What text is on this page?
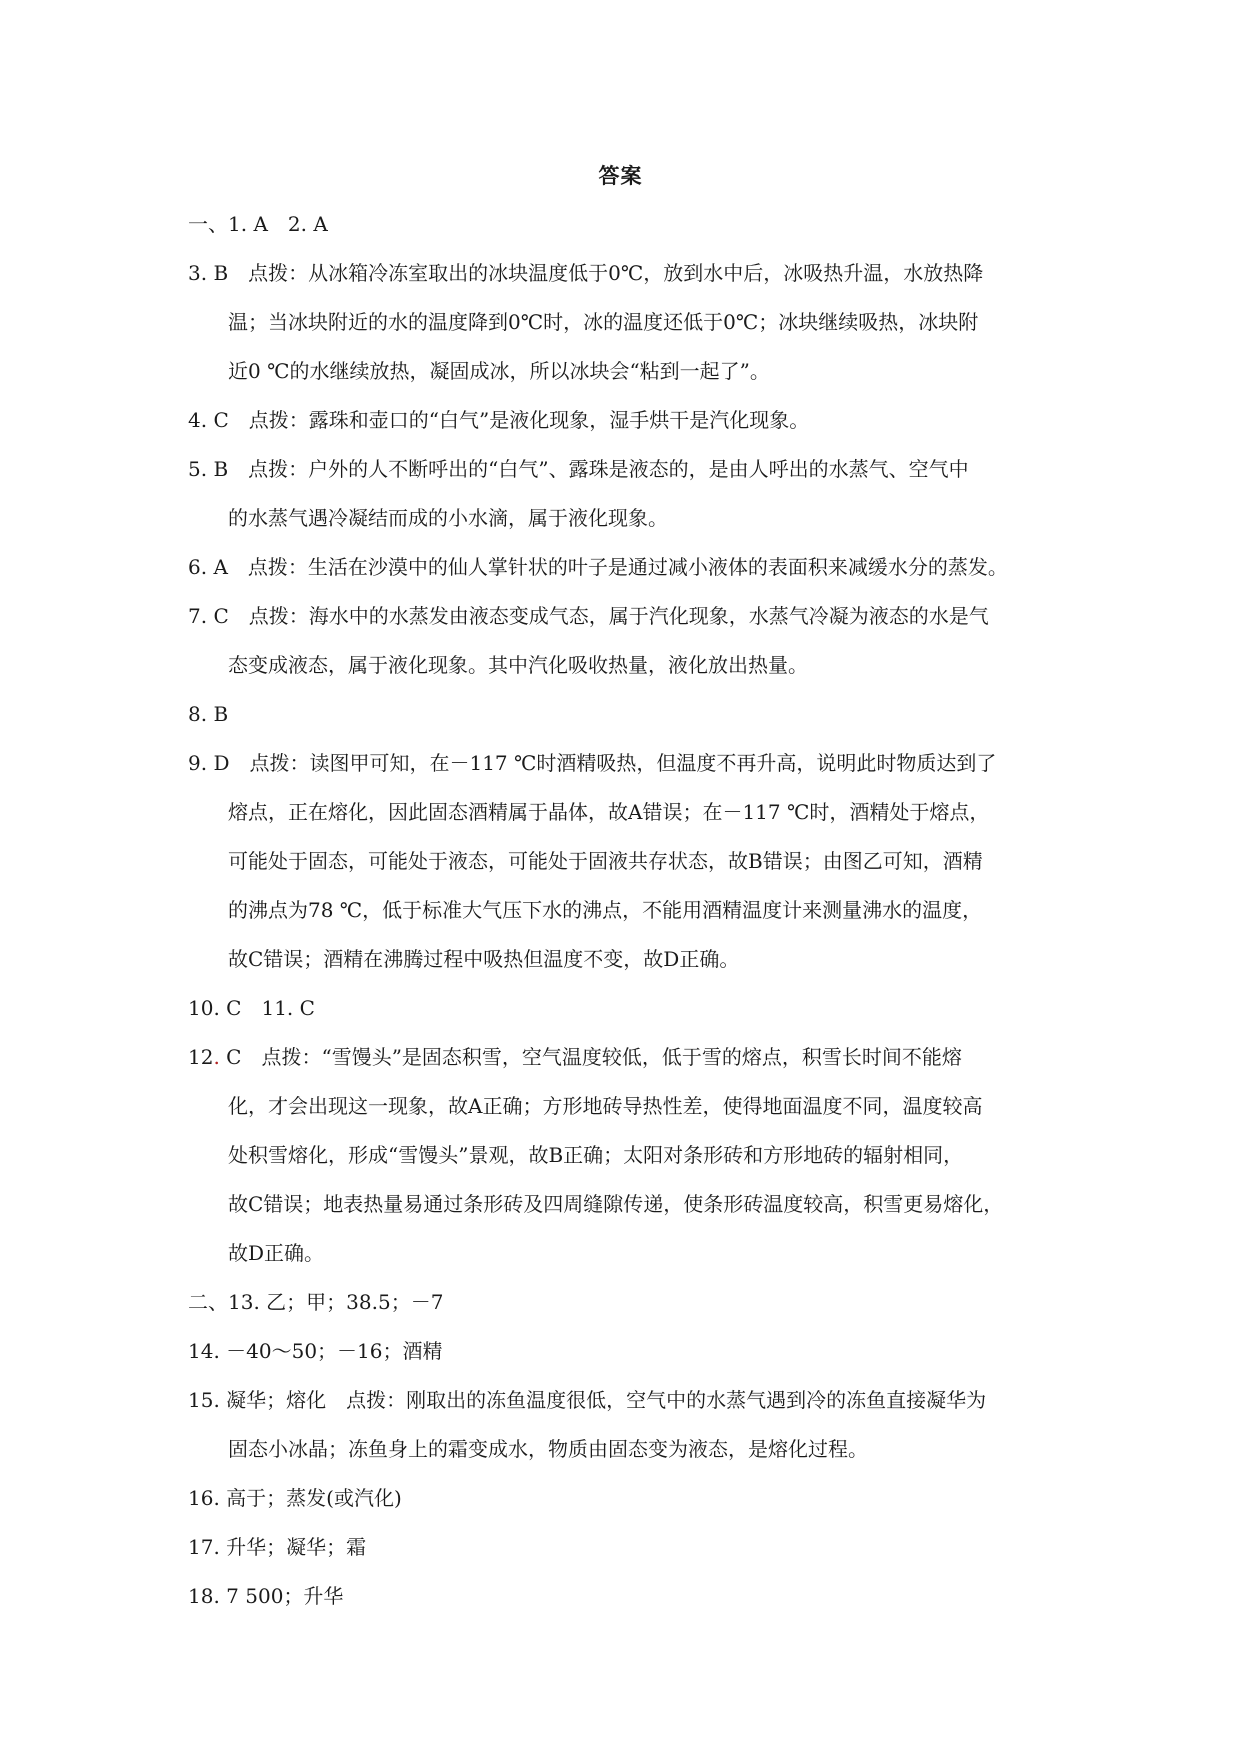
答案
一、1. A　2. A
3. B　点拨：从冰箱冷冻室取出的冰块温度低于0℃，放到水中后，冰吸热升温，水放热降
温；当冰块附近的水的温度降到0℃时，冰的温度还低于0℃；冰块继续吸热，冰块附
近0 ℃的水继续放热，凝固成冰，所以冰块会“粘到一起了”。
4. C　点拨：露珠和壶口的“白气”是液化现象，湿手烘干是汽化现象。
5. B　点拨：户外的人不断呼出的“白气”、露珠是液态的，是由人呼出的水蒸气、空气中
的水蒸气遇冷凝结而成的小水滴，属于液化现象。
6. A　点拨：生活在沙漠中的仙人掌针状的叶子是通过减小液体的表面积来减缓水分的蒸发。
7. C　点拨：海水中的水蒸发由液态变成气态，属于汽化现象，水蒸气冷凝为液态的水是气
态变成液态，属于液化现象。其中汽化吸收热量，液化放出热量。
8. B
9. D　点拨：读图甲可知，在－117 ℃时酒精吸热，但温度不再升高，说明此时物质达到了
熔点，正在熔化，因此固态酒精属于晶体，故A错误；在－117 ℃时，酒精处于熔点，
可能处于固态，可能处于液态，可能处于固液共存状态，故B错误；由图乙可知，酒精
的沸点为78 ℃，低于标准大气压下水的沸点，不能用酒精温度计来测量沸水的温度，
故C错误；酒精在沸腾过程中吸热但温度不变，故D正确。
10. C　11. C
12. C　点拨：“雪馒头”是固态积雪，空气温度较低，低于雪的熔点，积雪长时间不能熔
化，才会出现这一现象，故A正确；方形地砖导热性差，使得地面温度不同，温度较高
处积雪熔化，形成“雪馒头”景观，故B正确；太阳对条形砖和方形地砖的辐射相同，
故C错误；地表热量易通过条形砖及四周缝隙传递，使条形砖温度较高，积雪更易熔化，
故D正确。
二、13. 乙；甲；38.5；－7
14. －40～50；－16；酒精
15. 凝华；熔化　点拨：刚取出的冻鱼温度很低，空气中的水蒸气遇到冷的冻鱼直接凝华为
固态小冰晶；冻鱼身上的霜变成水，物质由固态变为液态，是熔化过程。
16. 高于；蒸发(或汽化)
17. 升华；凝华；霜
18. 7 500；升华
